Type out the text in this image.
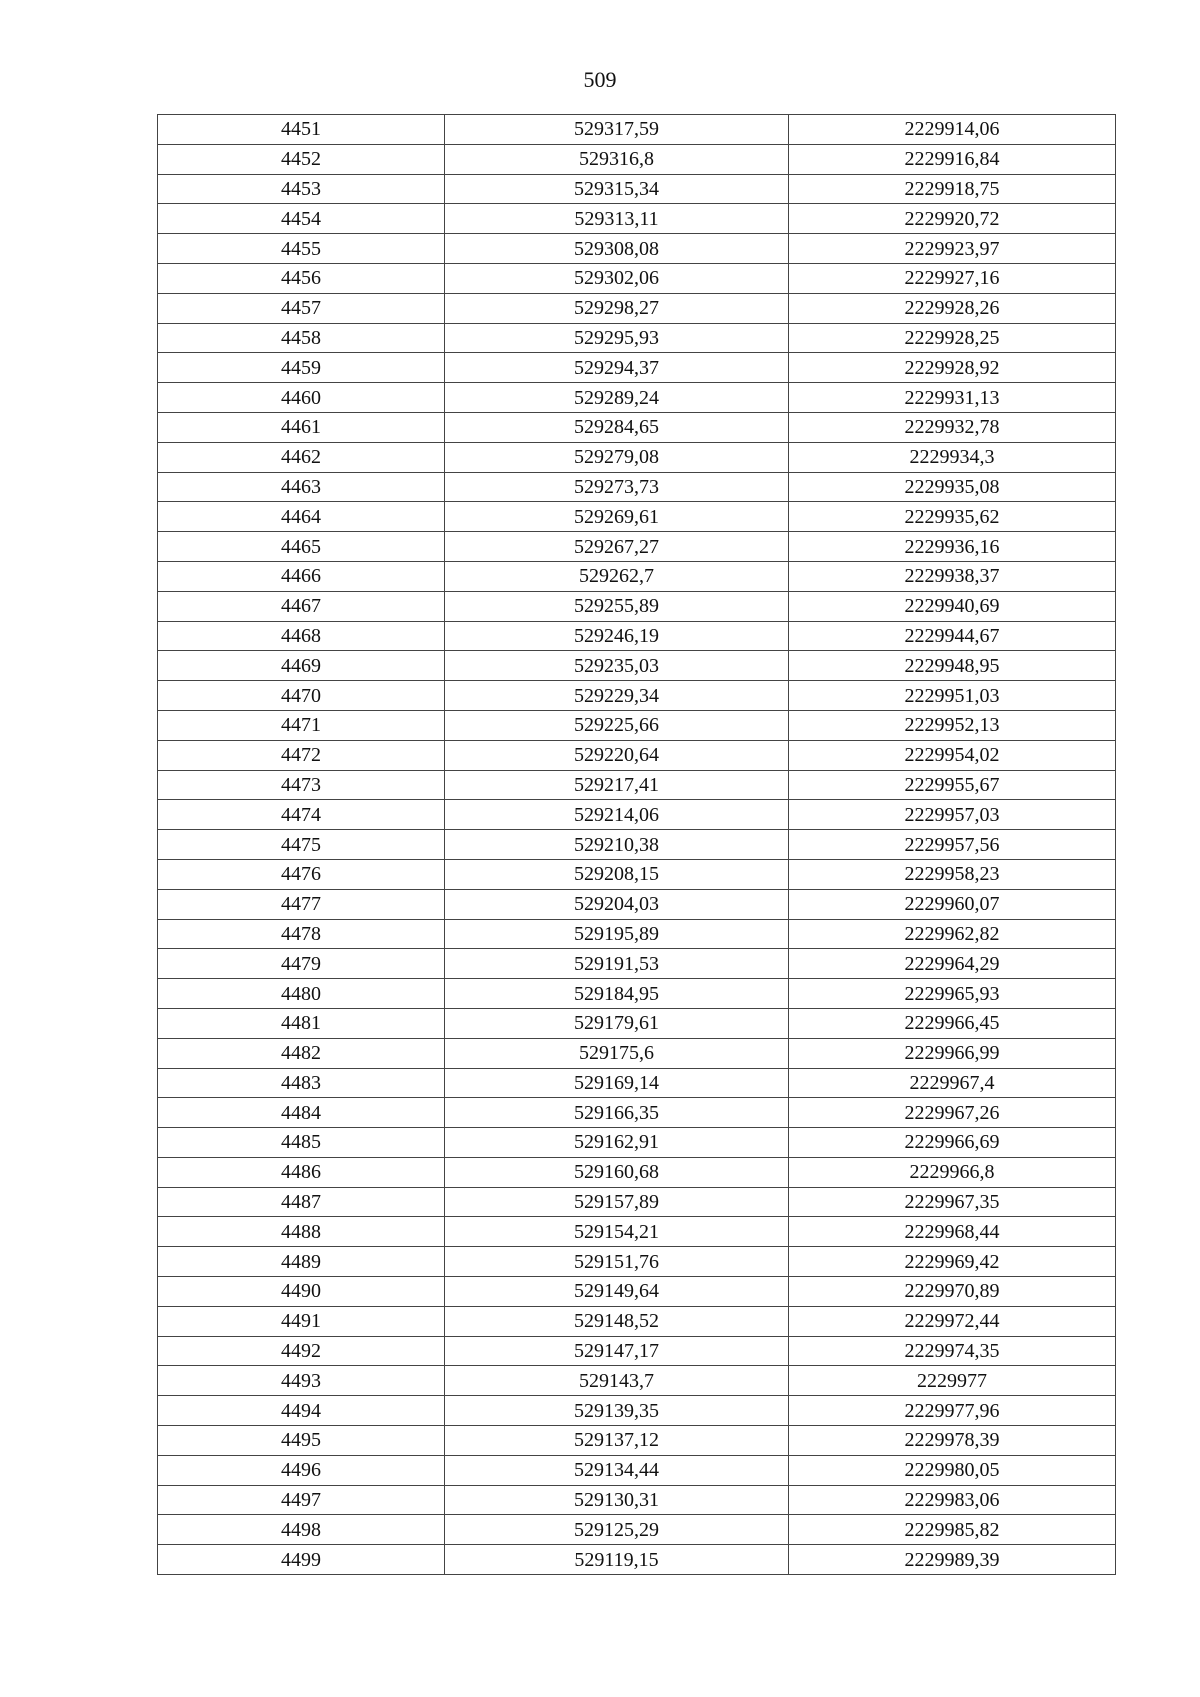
509
4451	529317,59	2229914,06
4452	529316,8	2229916,84
4453	529315,34	2229918,75
4454	529313,11	2229920,72
4455	529308,08	2229923,97
4456	529302,06	2229927,16
4457	529298,27	2229928,26
4458	529295,93	2229928,25
4459	529294,37	2229928,92
4460	529289,24	2229931,13
4461	529284,65	2229932,78
4462	529279,08	2229934,3
4463	529273,73	2229935,08
4464	529269,61	2229935,62
4465	529267,27	2229936,16
4466	529262,7	2229938,37
4467	529255,89	2229940,69
4468	529246,19	2229944,67
4469	529235,03	2229948,95
4470	529229,34	2229951,03
4471	529225,66	2229952,13
4472	529220,64	2229954,02
4473	529217,41	2229955,67
4474	529214,06	2229957,03
4475	529210,38	2229957,56
4476	529208,15	2229958,23
4477	529204,03	2229960,07
4478	529195,89	2229962,82
4479	529191,53	2229964,29
4480	529184,95	2229965,93
4481	529179,61	2229966,45
4482	529175,6	2229966,99
4483	529169,14	2229967,4
4484	529166,35	2229967,26
4485	529162,91	2229966,69
4486	529160,68	2229966,8
4487	529157,89	2229967,35
4488	529154,21	2229968,44
4489	529151,76	2229969,42
4490	529149,64	2229970,89
4491	529148,52	2229972,44
4492	529147,17	2229974,35
4493	529143,7	2229977
4494	529139,35	2229977,96
4495	529137,12	2229978,39
4496	529134,44	2229980,05
4497	529130,31	2229983,06
4498	529125,29	2229985,82
4499	529119,15	2229989,39
